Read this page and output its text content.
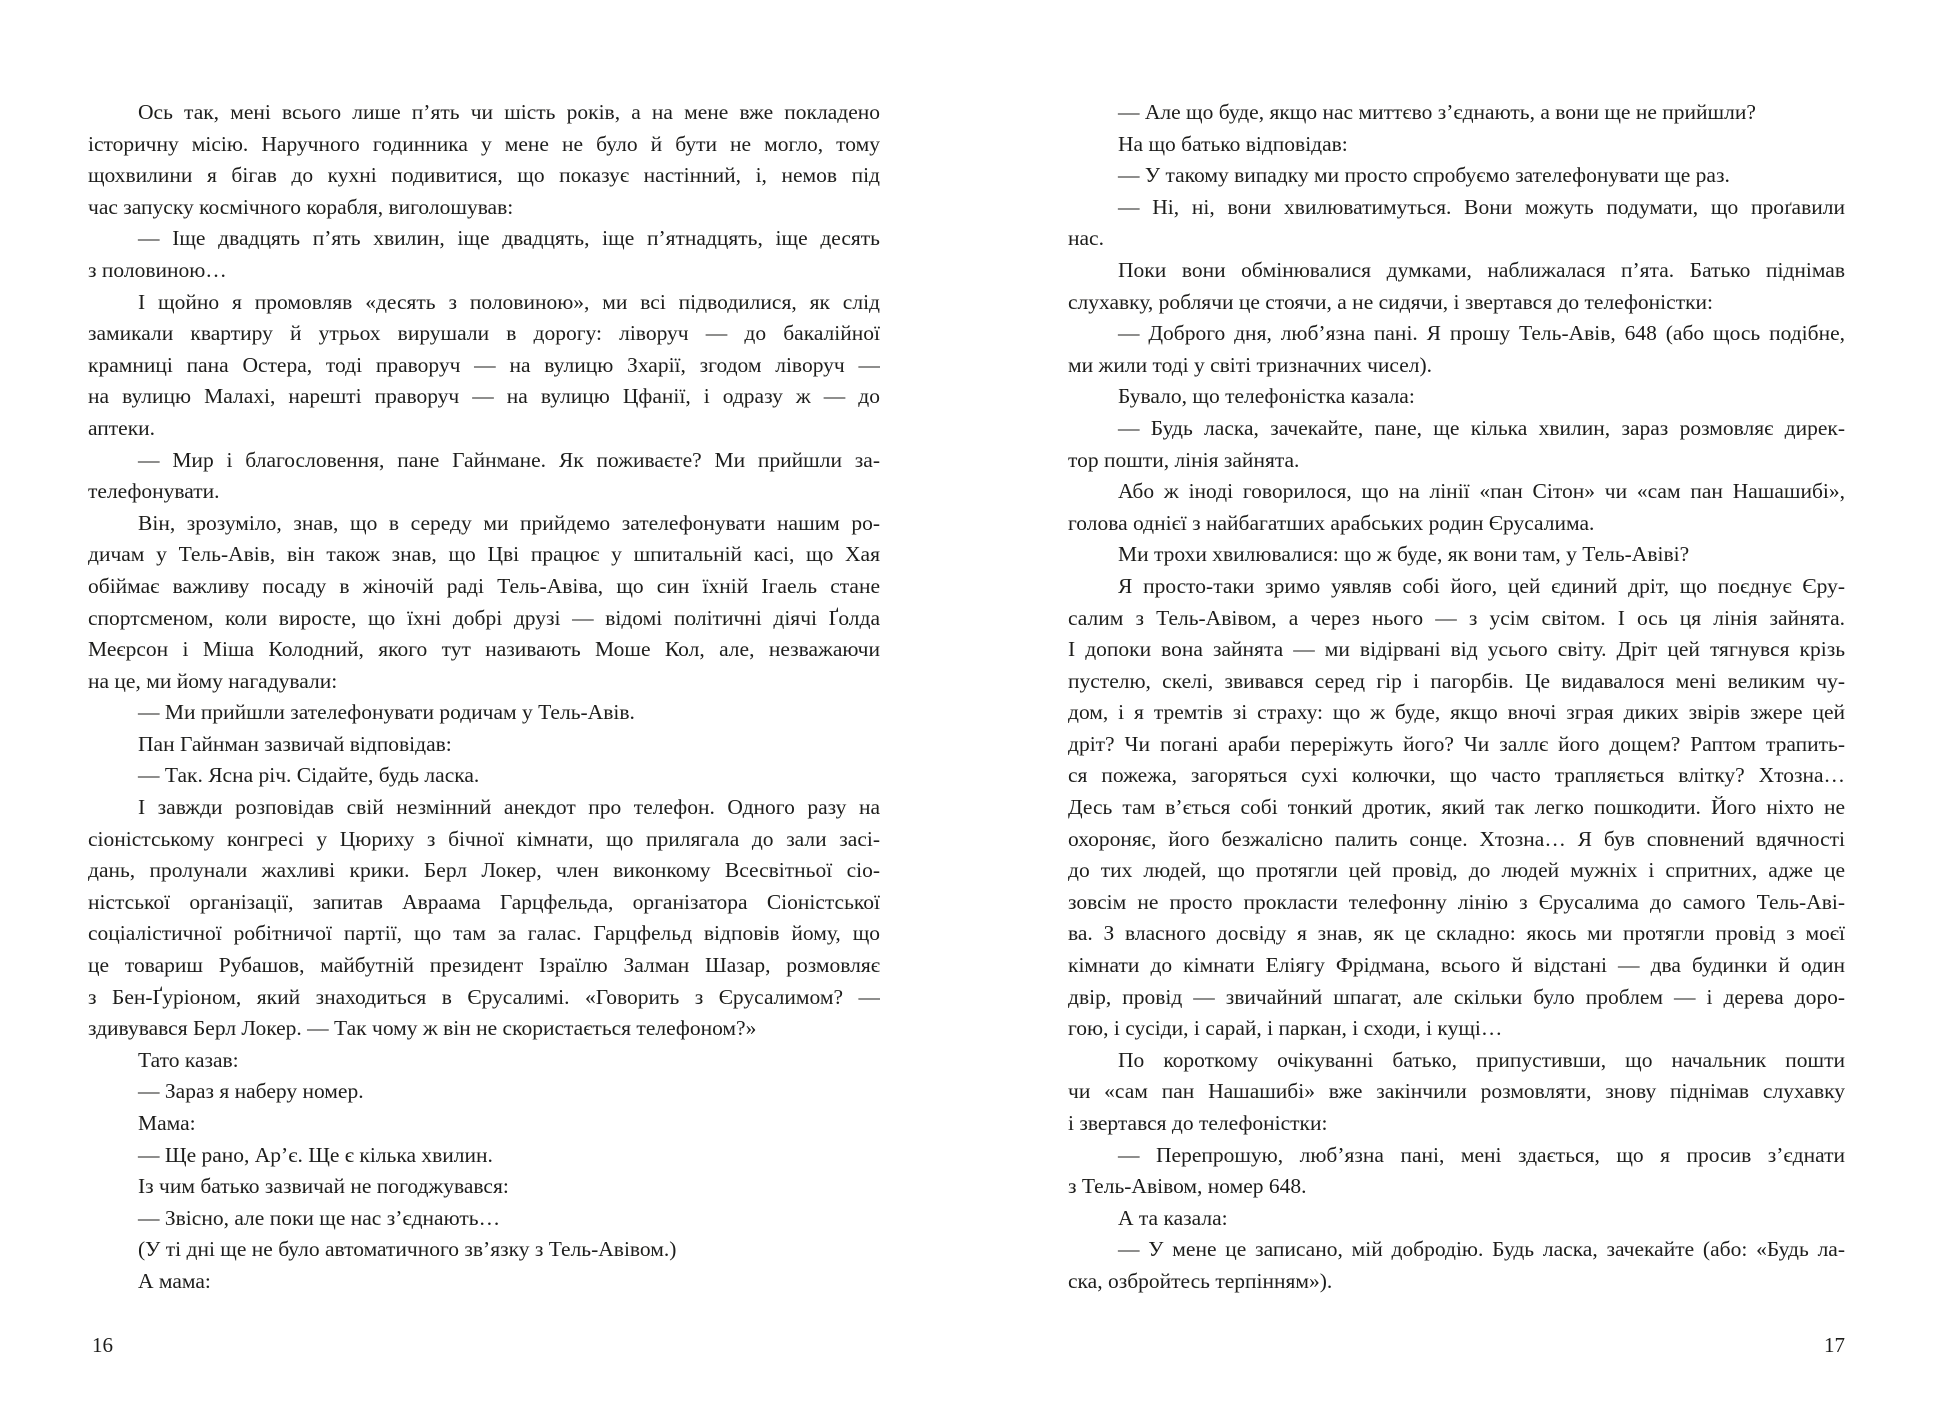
Ось так, мені всього лише п’ять чи шість років, а на мене вже покладено
історичну місію. Наручного годинника у мене не було й бути не могло, тому
щохвилини я бігав до кухні подивитися, що показує настінний, і, немов під
час запуску космічного корабля, виголошував:
— Іще двадцять п’ять хвилин, іще двадцять, іще п’ятнадцять, іще десять
з половиною…
І щойно я промовляв «десять з половиною», ми всі підводилися, як слід
замикали квартиру й утрьох вирушали в дорогу: ліворуч — до бакалійної
крамниці пана Остера, тоді праворуч — на вулицю Зхарії, згодом ліворуч —
на вулицю Малахі, нарешті праворуч — на вулицю Цфанії, і одразу ж — до
аптеки.
— Мир і благословення, пане Гайнмане. Як поживаєте? Ми прийшли за-
телефонувати.
Він, зрозуміло, знав, що в середу ми прийдемо зателефонувати нашим ро-
дичам у Тель-Авів, він також знав, що Цві працює у шпитальній касі, що Хая
обіймає важливу посаду в жіночій раді Тель-Авіва, що син їхній Ігаель стане
спортсменом, коли виросте, що їхні добрі друзі — відомі політичні діячі Ґолда
Меєрсон і Міша Колодний, якого тут називають Моше Кол, але, незважаючи
на це, ми йому нагадували:
— Ми прийшли зателефонувати родичам у Тель-Авів.
Пан Гайнман зазвичай відповідав:
— Так. Ясна річ. Сідайте, будь ласка.
І завжди розповідав свій незмінний анекдот про телефон. Одного разу на
сіоністському конгресі у Цюриху з бічної кімнати, що прилягала до зали засі-
дань, пролунали жахливі крики. Берл Локер, член виконкому Всесвітньої сіо-
ністської організації, запитав Авраама Гарцфельда, організатора Сіоністської
соціалістичної робітничої партії, що там за галас. Гарцфельд відповів йому, що
це товариш Рубашов, майбутній президент Ізраїлю Залман Шазар, розмовляє
з Бен-Ґуріоном, який знаходиться в Єрусалимі. «Говорить з Єрусалимом? —
здивувався Берл Локер. — Так чому ж він не скористається телефоном?»
Тато казав:
— Зараз я наберу номер.
Мама:
— Ще рано, Ар’є. Ще є кілька хвилин.
Із чим батько зазвичай не погоджувався:
— Звісно, але поки ще нас з’єднають…
(У ті дні ще не було автоматичного зв’язку з Тель-Авівом.)
А мама:
— Але що буде, якщо нас миттєво з’єднають, а вони ще не прийшли?
На що батько відповідав:
— У такому випадку ми просто спробуємо зателефонувати ще раз.
— Ні, ні, вони хвилюватимуться. Вони можуть подумати, що проґавили
нас.
Поки вони обмінювалися думками, наближалася п’ята. Батько піднімав
слухавку, роблячи це стоячи, а не сидячи, і звертався до телефоністки:
— Доброго дня, люб’язна пані. Я прошу Тель-Авів, 648 (або щось подібне,
ми жили тоді у світі тризначних чисел).
Бувало, що телефоністка казала:
— Будь ласка, зачекайте, пане, ще кілька хвилин, зараз розмовляє дирек-
тор пошти, лінія зайнята.
Або ж іноді говорилося, що на лінії «пан Сітон» чи «сам пан Нашашибі»,
голова однієї з найбагатших арабських родин Єрусалима.
Ми трохи хвилювалися: що ж буде, як вони там, у Тель-Авіві?
Я просто-таки зримо уявляв собі його, цей єдиний дріт, що поєднує Єру-
салим з Тель-Авівом, а через нього — з усім світом. І ось ця лінія зайнята.
І допоки вона зайнята — ми відірвані від усього світу. Дріт цей тягнувся крізь
пустелю, скелі, звивався серед гір і пагорбів. Це видавалося мені великим чу-
дом, і я тремтів зі страху: що ж буде, якщо вночі зграя диких звірів зжере цей
дріт? Чи погані араби переріжуть його? Чи заллє його дощем? Раптом трапить-
ся пожежа, загоряться сухі колючки, що часто трапляється влітку? Хтозна…
Десь там в’ється собі тонкий дротик, який так легко пошкодити. Його ніхто не
охороняє, його безжалісно палить сонце. Хтозна… Я був сповнений вдячності
до тих людей, що протягли цей провід, до людей мужніх і спритних, адже це
зовсім не просто прокласти телефонну лінію з Єрусалима до самого Тель-Аві-
ва. З власного досвіду я знав, як це складно: якось ми протягли провід з моєї
кімнати до кімнати Еліягу Фрідмана, всього й відстані — два будинки й один
двір, провід — звичайний шпагат, але скільки було проблем — і дерева доро-
гою, і сусіди, і сарай, і паркан, і сходи, і кущі…
По короткому очікуванні батько, припустивши, що начальник пошти
чи «сам пан Нашашибі» вже закінчили розмовляти, знову піднімав слухавку
і звертався до телефоністки:
— Перепрошую, люб’язна пані, мені здається, що я просив з’єднати
з Тель-Авівом, номер 648.
А та казала:
— У мене це записано, мій добродію. Будь ласка, зачекайте (або: «Будь ла-
ска, озбройтесь терпінням»).
16	17
